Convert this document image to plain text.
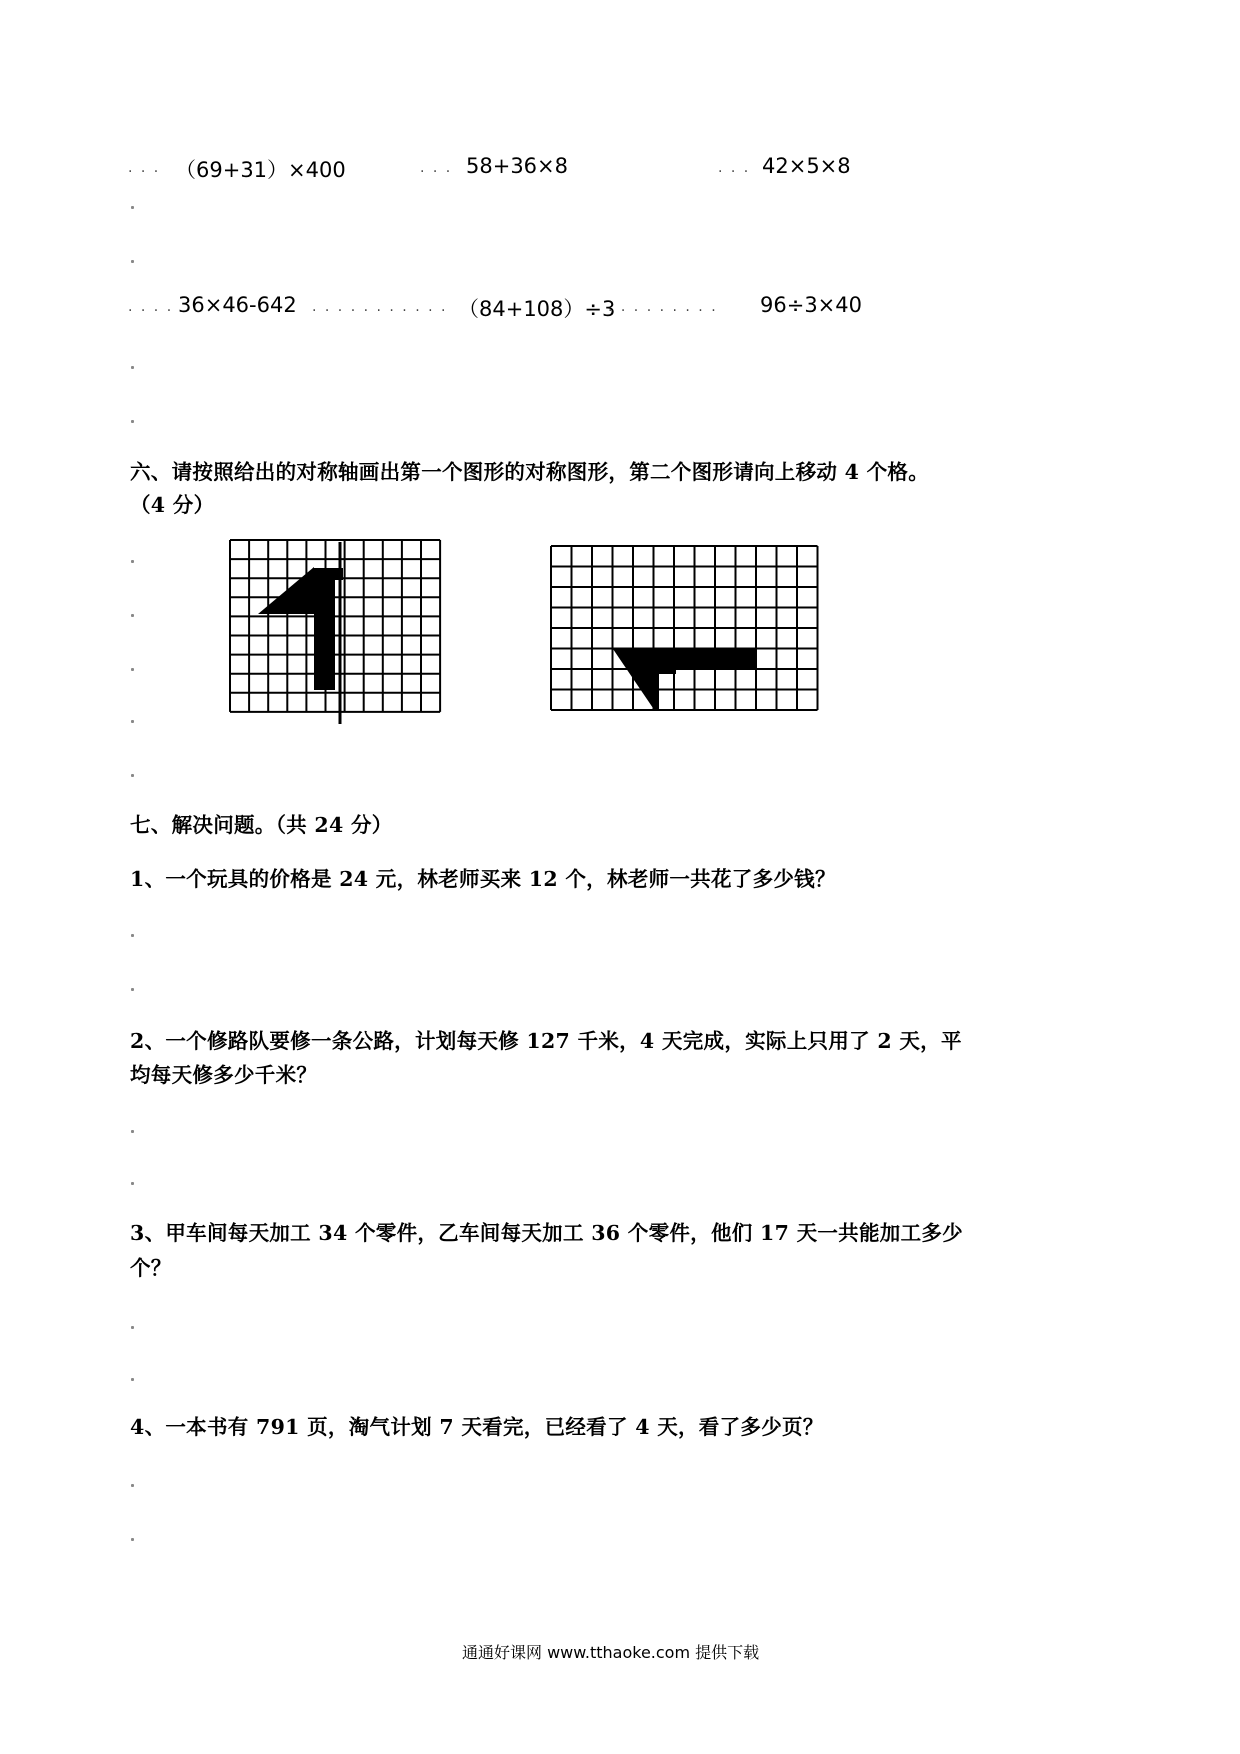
. . . （69+31）×400	. . . 58+36×8	. . . 42×5×8
. . . . 36×46-642 . . . . . . . . . . . （84+108）÷3
. . . . . . . . . 96÷3×40
六、请按照给出的对称轴画出第一个图形的对称图形，第二个图形请向上移动 4 个格。
（4 分）
七、解决问题。（共 24 分）
1、一个玩具的价格是 24 元，林老师买来 12 个，林老师一共花了多少钱？
2、一个修路队要修一条公路，计划每天修 127 千米，4 天完成，实际上只用了 2 天，平
均每天修多少千米？
3、甲车间每天加工 34 个零件，乙车间每天加工 36 个零件，他们 17 天一共能加工多少
个？
4、一本书有 791 页，淘气计划 7 天看完，已经看了 4 天，看了多少页？
通通好课网 www.tthaoke.com 提供下载
